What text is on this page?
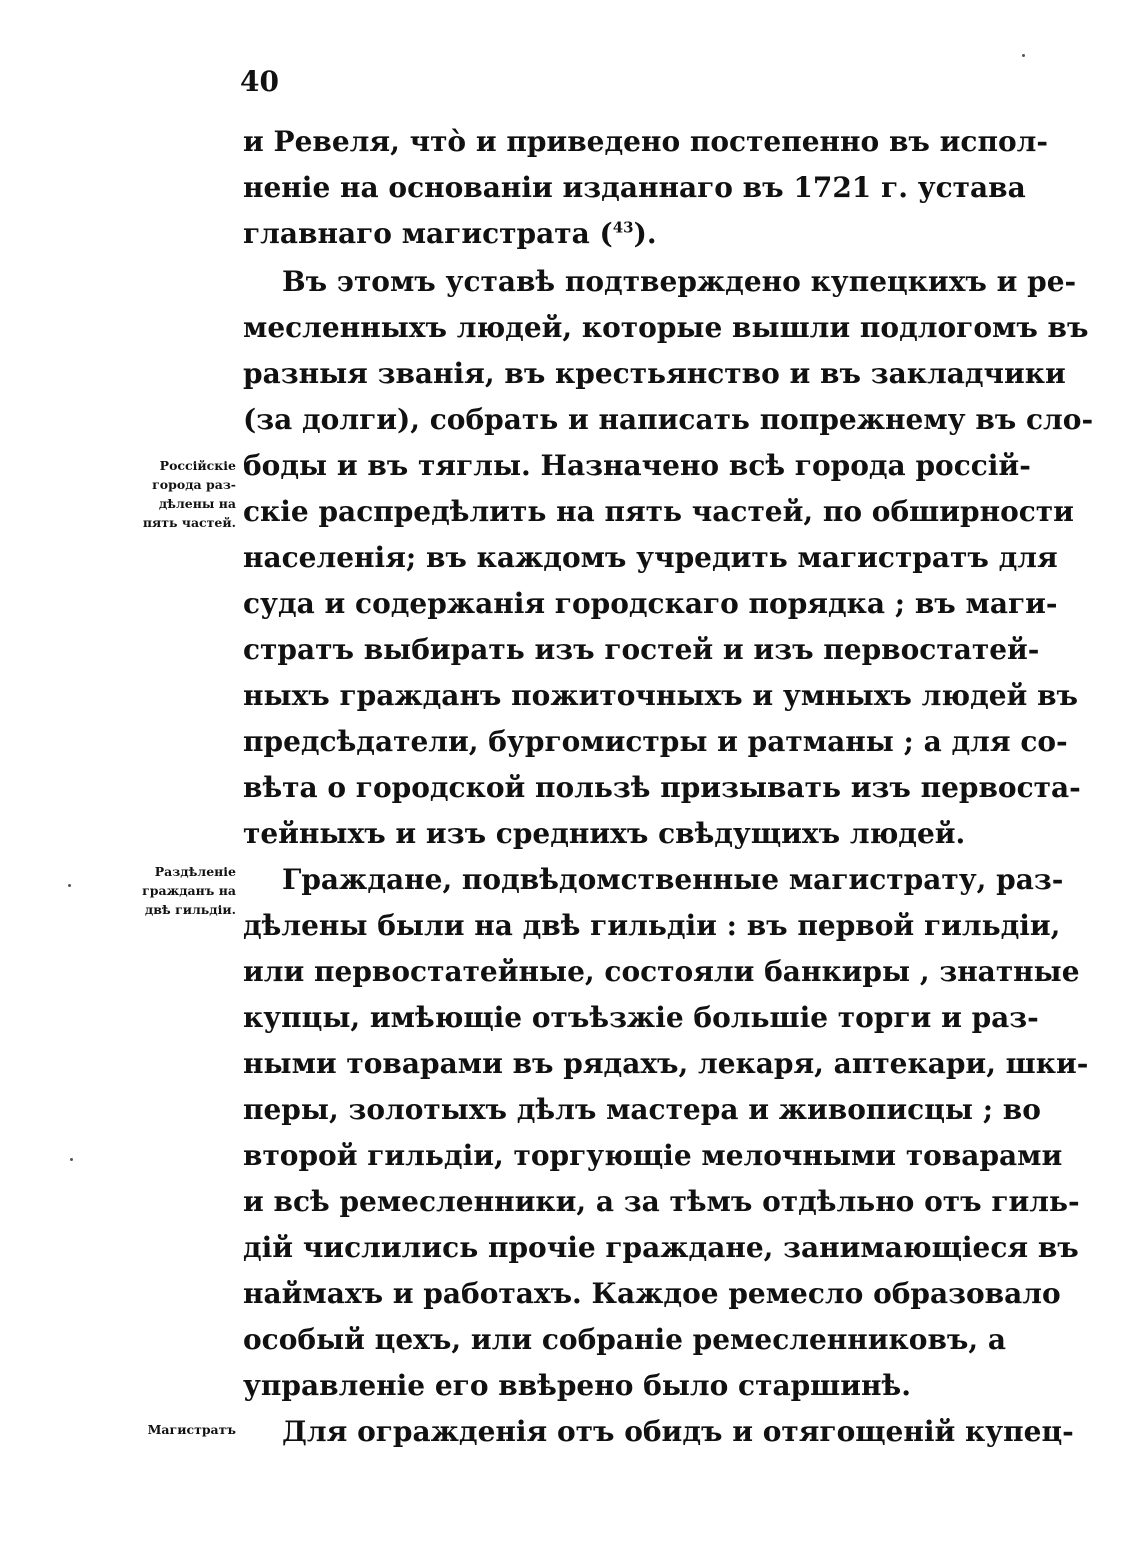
40
и Ревеля, чтò и приведено постепенно въ испол-
неніе на основаніи изданнаго въ 1721 г. устава
главнаго магистрата ($^{43}$).
Въ этомъ уставѣ подтверждено купецкихъ и ре-
месленныхъ людей, которые вышли подлогомъ въ
разныя званія, въ крестьянство и въ закладчики
(за долги), собрать и написать попрежнему въ сло-
боды и въ тяглы. Назначено всѣ города россій-
скіе распредѣлить на пять частей, по обширности
населенія; въ каждомъ учредить магистратъ для
суда и содержанія городскаго порядка ; въ маги-
стратъ выбирать изъ гостей и изъ первостатей-
ныхъ гражданъ пожиточныхъ и умныхъ людей въ
предсѣдатели, бургомистры и ратманы ; а для со-
вѣта о городской пользѣ призывать изъ первоста-
тейныхъ и изъ среднихъ свѣдущихъ людей.
Граждане, подвѣдомственные магистрату, раз-
дѣлены были на двѣ гильдіи : въ первой гильдіи,
или первостатейные, состояли банкиры , знатные
купцы, имѣющіе отъѣзжіе большіе торги и раз-
ными товарами въ рядахъ, лекаря, аптекари, шки-
перы, золотыхъ дѣлъ мастера и живописцы ; во
второй гильдіи, торгующіе мелочными товарами
и всѣ ремесленники, а за тѣмъ отдѣльно отъ гиль-
дій числились прочіе граждане, занимающіеся въ
наймахъ и работахъ. Каждое ремесло образовало
особый цехъ, или собраніе ремесленниковъ, а
управленіе его ввѣрено было старшинѣ.
Для огражденія отъ обидъ и отягощеній купец-
Россійскіе
города раз-
дѣлены на
пять частей.
Раздѣленіе
гражданъ на
двѣ гильдіи.
Магистратъ
